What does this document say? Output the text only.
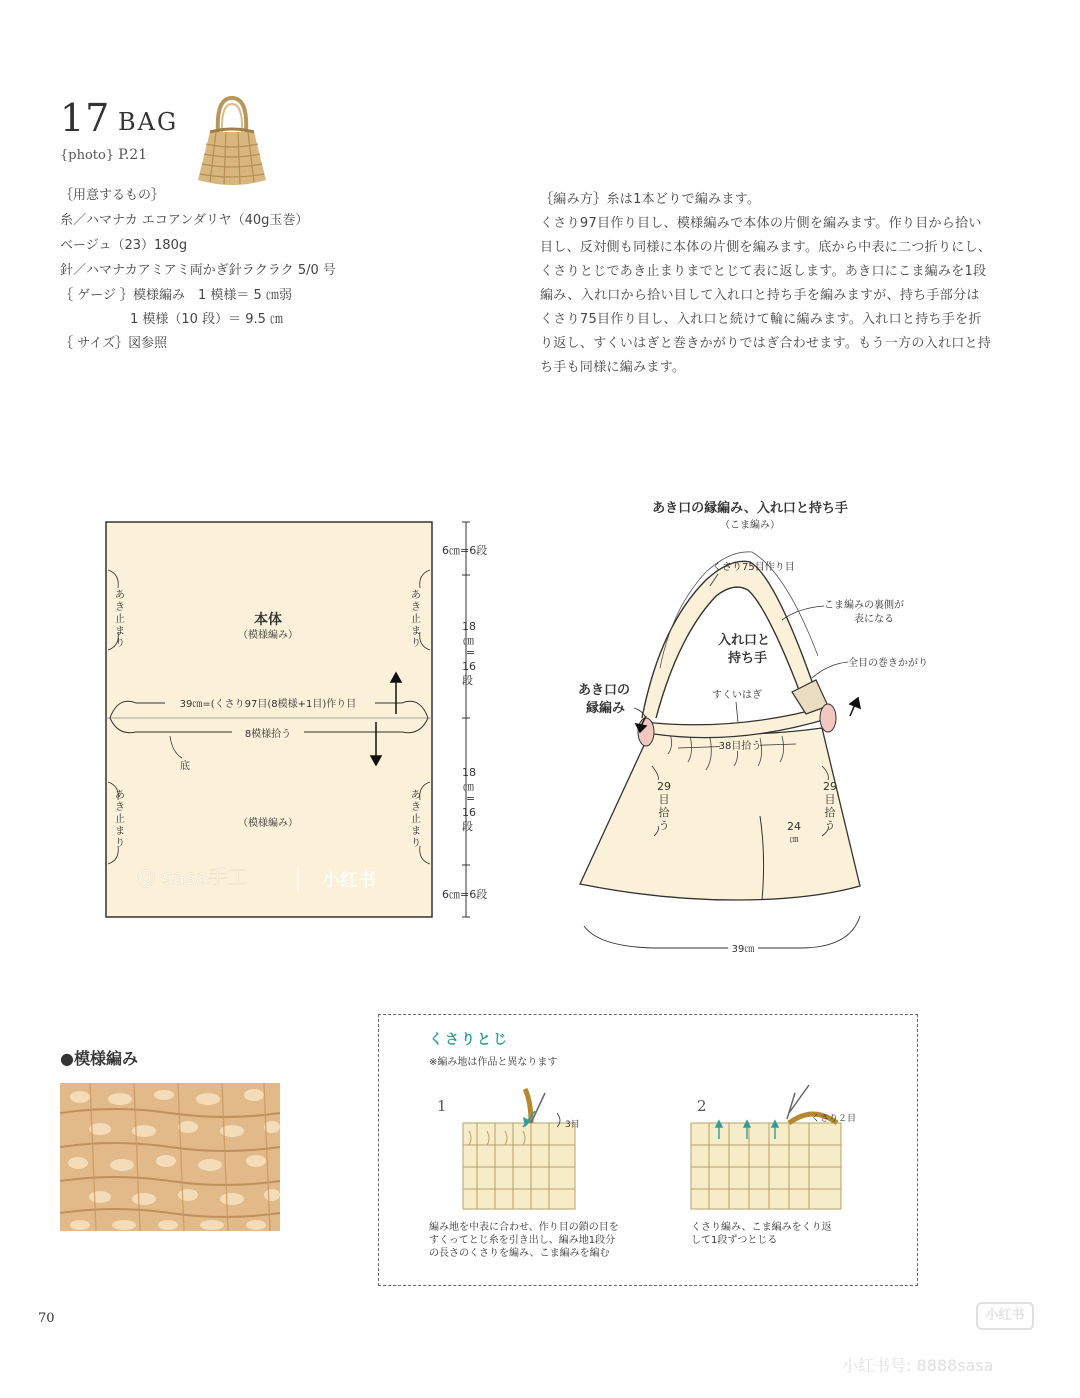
17 BAG
{photo} P.21
｛用意するもの｝
糸／ハマナカ エコアンダリヤ（40g玉巻）
ベージュ（23）180g
針／ハマナカアミアミ両かぎ針ラクラク 5/0 号
｛ ゲージ ｝模様編み　1 模様＝ 5 ㎝弱
1 模様（10 段）＝ 9.5 ㎝
｛ サイズ｝図参照
｛編み方｝糸は1本どりで編みます。
くさり97目作り目し、模様編みで本体の片側を編みます。作り目から拾い
目し、反対側も同様に本体の片側を編みます。底から中表に二つ折りにし、
くさりとじであき止まりまでとじて表に返します。あき口にこま編みを1段
編み、入れ口から拾い目して入れ口と持ち手を編みますが、持ち手部分は
くさり75目作り目し、入れ口と続けて輪に編みます。入れ口と持ち手を折
り返し、すくいはぎと巻きかがりではぎ合わせます。もう一方の入れ口と持
ち手も同様に編みます。
6㎝=6段
18
㎝
=
16
段
18
㎝
=
16
段
6㎝=6段
本体
（模様編み）
（模様編み）
39㎝=(くさり97目(8模様+1目)作り目
8模様拾う
底
あ
き
止
ま
り
あ
き
止
ま
り
あ
き
止
ま
り
あ
き
止
ま
り
@ sasa手工	小红书
あき口の縁編み、入れ口と持ち手
（こま編み）
くさり75目作り目
こま編みの裏側が
表になる
入れ口と
持ち手	全目の巻きかがり
あき口の
縁編み
すくいはぎ
38目拾う
29
目
拾
う
29
目
拾
う
24
㎝
39㎝
●模様編み
くさりとじ
※編み地は作品と異なります
1
3目
編み地を中表に合わせ、作り目の鎖の目を
すくってとじ糸を引き出し、編み地1段分
の長さのくさりを編み、こま編みを編む
2
くさり２目
くさり編み、こま編みをくり返
して1段ずつとじる
70	小红书
小红书号: 8888sasa
